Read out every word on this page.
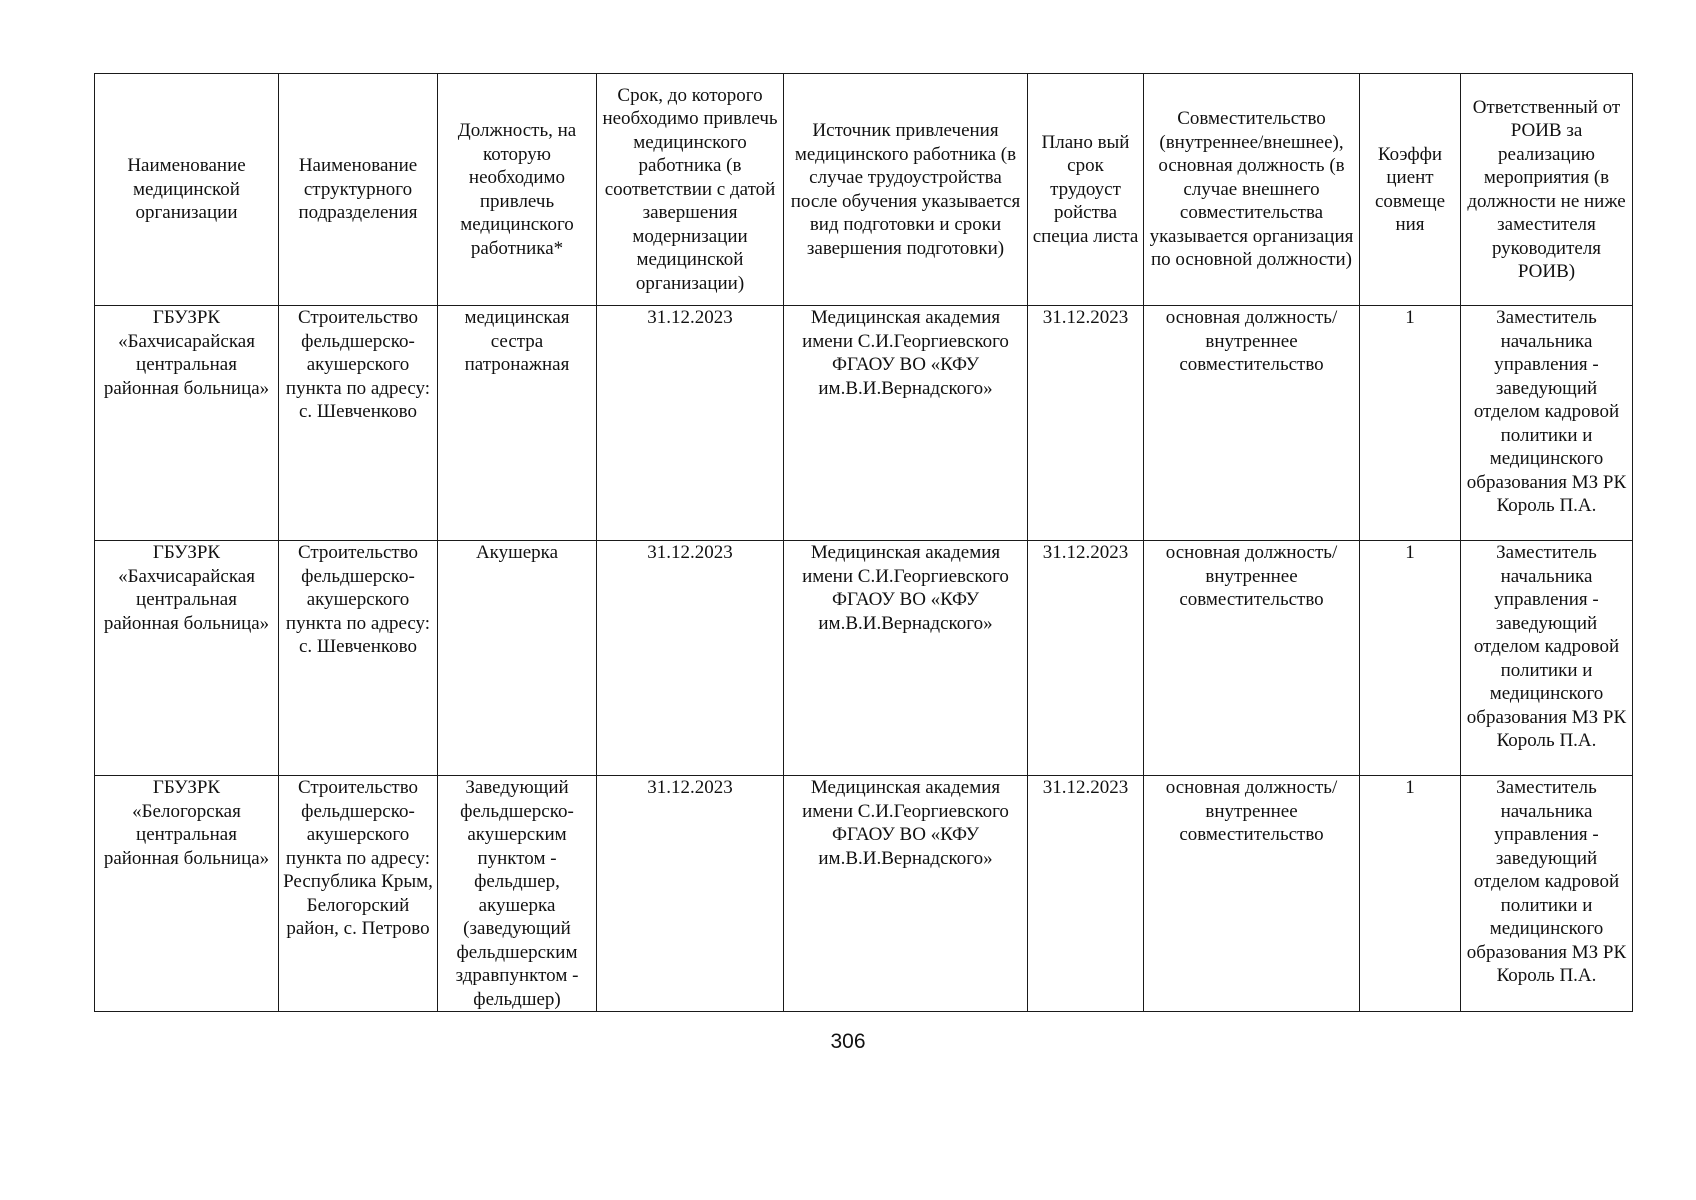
Наименование медицинской организации	Наименование структурного подразделения	Должность, на которую необходимо привлечь медицинского работника*	Срок, до которого необходимо привлечь медицинского работника (в соответствии с датой завершения модернизации медицинской организации)	Источник привлечения медицинского работника (в случае трудоустройства после обучения указывается вид подготовки и сроки завершения подготовки)	Плано вый срок трудоуст ройства специа листа	Совместительство (внутреннее/внешнее), основная должность (в случае внешнего совместительства указывается организация по основной должности)	Коэффи циент совмеще ния	Ответственный от РОИВ за реализацию мероприятия (в должности не ниже заместителя руководителя РОИВ)
ГБУЗРК «Бахчисарайская центральная районная больница»	Строительство фельдшерско-акушерского пункта по адресу: с. Шевченково	медицинская сестра патронажная	31.12.2023	Медицинская академия имени С.И.Георгиевского ФГАОУ ВО «КФУ им.В.И.Вернадского»	31.12.2023	основная должность/ внутреннее совместительство	1	Заместитель начальника управления - заведующий отделом кадровой политики и медицинского образования МЗ РК Король П.А.
ГБУЗРК «Бахчисарайская центральная районная больница»	Строительство фельдшерско-акушерского пункта по адресу: с. Шевченково	Акушерка	31.12.2023	Медицинская академия имени С.И.Георгиевского ФГАОУ ВО «КФУ им.В.И.Вернадского»	31.12.2023	основная должность/ внутреннее совместительство	1	Заместитель начальника управления - заведующий отделом кадровой политики и медицинского образования МЗ РК Король П.А.
ГБУЗРК «Белогорская центральная районная больница»	Строительство фельдшерско-акушерского пункта по адресу: Республика Крым, Белогорский район, с. Петрово	Заведующий фельдшерско-акушерским пунктом - фельдшер, акушерка (заведующий фельдшерским здравпунктом - фельдшер)	31.12.2023	Медицинская академия имени С.И.Георгиевского ФГАОУ ВО «КФУ им.В.И.Вернадского»	31.12.2023	основная должность/ внутреннее совместительство	1	Заместитель начальника управления - заведующий отделом кадровой политики и медицинского образования МЗ РК Король П.А.
306
